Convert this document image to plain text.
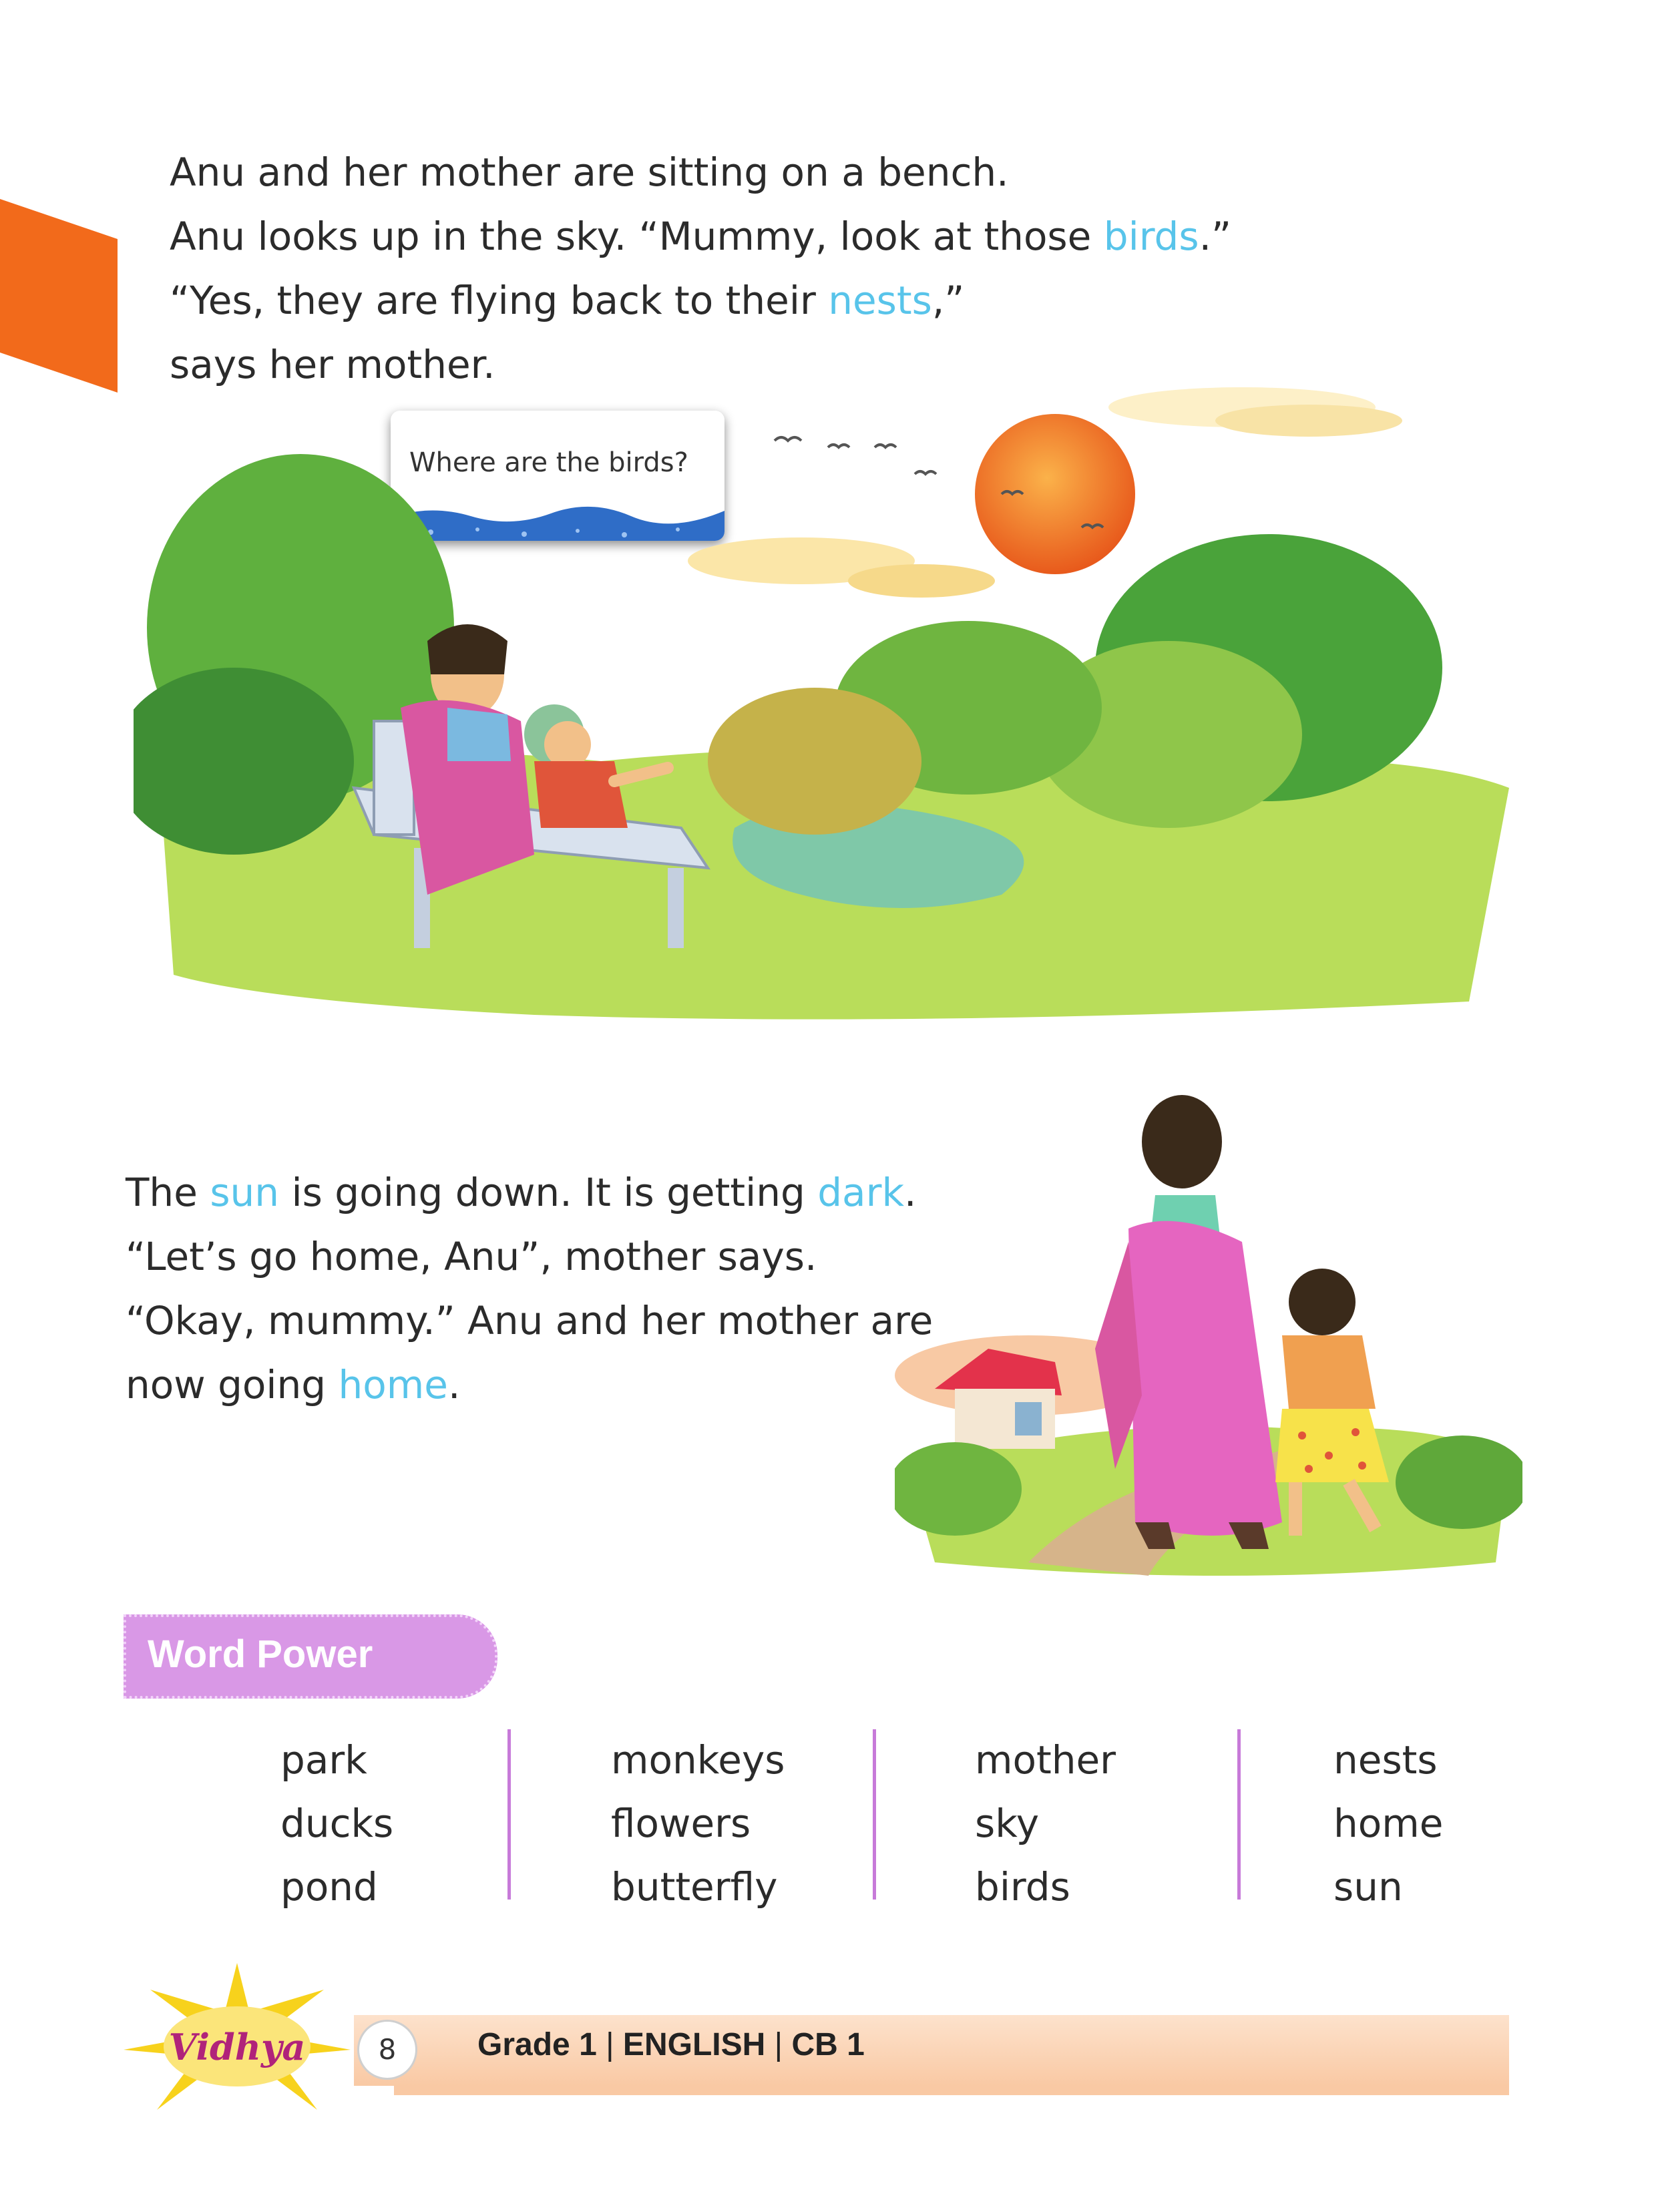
Anu and her mother are sitting on a bench.
Anu looks up in the sky. “Mummy, look at those birds.”
“Yes, they are flying back to their nests,”
says her mother.
Where are the birds?
The sun is going down. It is getting dark.
“Let’s go home, Anu”, mother says.
“Okay, mummy.” Anu and her mother are
now going home.
Word Power
park
ducks
pond
monkeys
flowers
butterfly
mother
sky
birds
nests
home
sun
Vidhya	8	Grade 1 | ENGLISH | CB 1
